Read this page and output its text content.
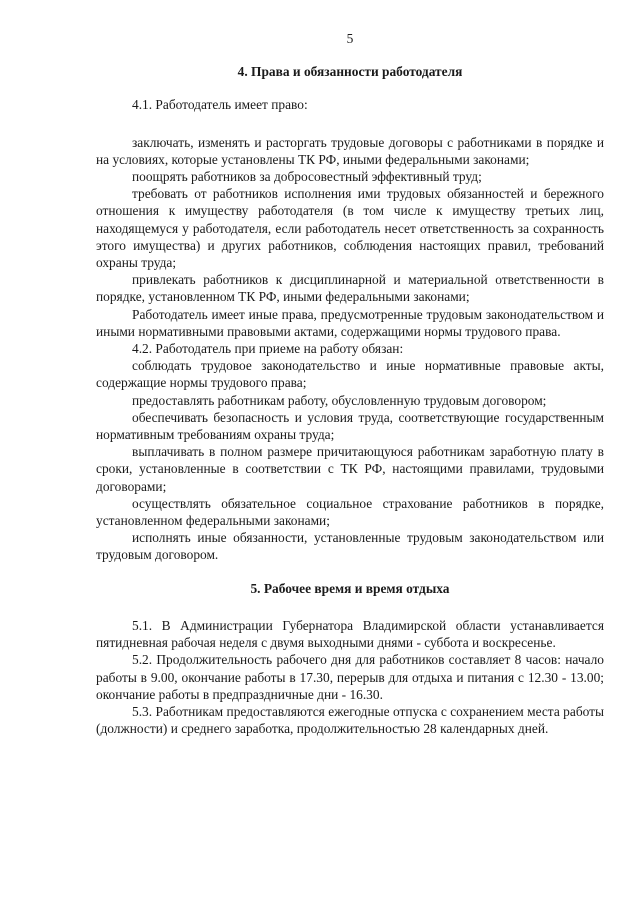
5
4. Права и обязанности работодателя

4.1. Работодатель имеет право:

заключать, изменять и расторгать трудовые договоры с работниками в порядке и на условиях, которые установлены ТК РФ, иными федеральными законами;

поощрять работников за добросовестный эффективный труд;

требовать от работников исполнения ими трудовых обязанностей и бережного отношения к имуществу работодателя (в том числе к имуществу третьих лиц, находящемуся у работодателя, если работодатель несет ответственность за сохранность этого имущества) и других работников, соблюдения настоящих правил, требований охраны труда;

привлекать работников к дисциплинарной и материальной ответственности в порядке, установленном ТК РФ, иными федеральными законами;

Работодатель имеет иные права, предусмотренные трудовым законодательством и иными нормативными правовыми актами, содержащими нормы трудового права.

4.2. Работодатель при приеме на работу обязан:

соблюдать трудовое законодательство и иные нормативные правовые акты, содержащие нормы трудового права;

предоставлять работникам работу, обусловленную трудовым договором;

обеспечивать безопасность и условия труда, соответствующие государственным нормативным требованиям охраны труда;

выплачивать в полном размере причитающуюся работникам заработную плату в сроки, установленные в соответствии с ТК РФ, настоящими правилами, трудовыми договорами;

осуществлять обязательное социальное страхование работников в порядке, установленном федеральными законами;

исполнять иные обязанности, установленные трудовым законодательством или трудовым договором.

5. Рабочее время и время отдыха

5.1. В Администрации Губернатора Владимирской области устанавливается пятидневная рабочая неделя с двумя выходными днями - суббота и воскресенье.

5.2. Продолжительность рабочего дня для работников составляет 8 часов: начало работы в 9.00, окончание работы в 17.30, перерыв для отдыха и питания с 12.30 - 13.00; окончание работы в предпраздничные дни - 16.30.

5.3. Работникам предоставляются ежегодные отпуска с сохранением места работы (должности) и среднего заработка, продолжительностью 28 календарных дней.
